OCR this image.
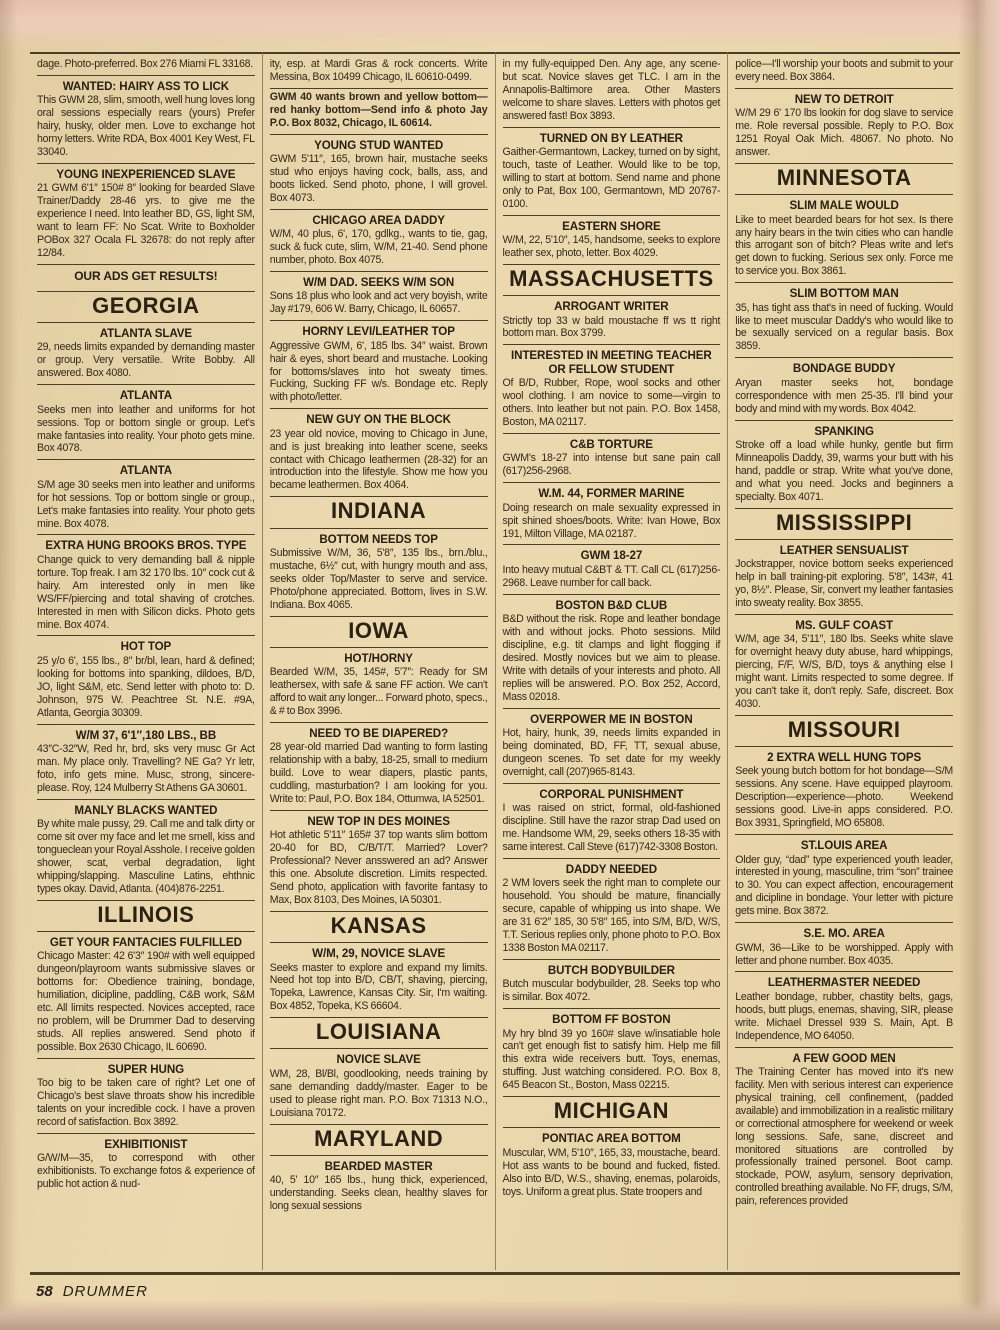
dage. Photo-preferred. Box 276 Miami FL 33168.

WANTED: HAIRY ASS TO LICK

This GWM 28, slim, smooth, well hung loves long oral sessions especially rears (yours) Prefer hairy, husky, older men. Love to exchange hot horny letters. Write RDA, Box 4001 Key West, FL 33040.

YOUNG INEXPERIENCED SLAVE

21 GWM 6'1″ 150# 8″ looking for bearded Slave Trainer/Daddy 28-46 yrs. to give me the experience I need. Into leather BD, GS, light SM, want to learn FF: No Scat. Write to Boxholder POBox 327 Ocala FL 32678: do not reply after 12/84.

OUR ADS GET RESULTS!
GEORGIA
ATLANTA SLAVE

29, needs limits expanded by demanding master or group. Very versatile. Write Bobby. All answered. Box 4080.

ATLANTA

Seeks men into leather and uniforms for hot sessions. Top or bottom single or group. Let's make fantasies into reality. Your photo gets mine. Box 4078.

ATLANTA

S/M age 30 seeks men into leather and uniforms for hot sessions. Top or bottom single or group., Let's make fantasies into reality. Your photo gets mine. Box 4078.

EXTRA HUNG BROOKS BROS. TYPE

Change quick to very demanding ball & nipple torture. Top freak. I am 32 170 lbs. 10″ cock cut & hairy. Am interested only in men like WS/FF/piercing and total shaving of crotches. Interested in men with Silicon dicks. Photo gets mine. Box 4074.

HOT TOP

25 y/o 6', 155 lbs., 8″ br/bl, lean, hard & defined; looking for bottoms into spanking, dildoes, B/D, JO, light S&M, etc. Send letter with photo to: D. Johnson, 975 W. Peachtree St. N.E. #9A, Atlanta, Georgia 30309.

W/M 37, 6'1″,180 LBS., BB

43″C-32″W, Red hr, brd, sks very musc Gr Act man. My place only. Travelling? NE Ga? Yr letr, foto, info gets mine. Musc, strong, sincere-please. Roy, 124 Mulberry St Athens GA 30601.

MANLY BLACKS WANTED

By white male pussy, 29. Call me and talk dirty or come sit over my face and let me smell, kiss and tongueclean your Royal Asshole. I receive golden shower, scat, verbal degradation, light whipping/slapping. Masculine Latins, ehthnic types okay. David, Atlanta. (404)876-2251.

ILLINOIS
GET YOUR FANTACIES FULFILLED

Chicago Master: 42 6'3″ 190# with well equipped dungeon/playroom wants submissive slaves or bottoms for: Obedience training, bondage, humiliation, dicipline, paddling, C&B work, S&M etc. All limits respected. Novices accepted, race no problem, will be Drummer Dad to deserving studs. All replies answered. Send photo if possible. Box 2630 Chicago, IL 60690.

SUPER HUNG

Too big to be taken care of right? Let one of Chicago's best slave throats show his incredible talents on your incredible cock. I have a proven record of satisfaction. Box 3892.

EXHIBITIONIST

G/W/M—35, to correspond with other exhibitionists. To exchange fotos & experience of public hot action & nud-

ity, esp. at Mardi Gras & rock concerts. Write Messina, Box 10499 Chicago, IL 60610-0499.

GWM 40 wants brown and yellow bottom—red hanky bottom—Send info & photo Jay P.O. Box 8032, Chicago, IL 60614.

YOUNG STUD WANTED

GWM 5'11″, 165, brown hair, mustache seeks stud who enjoys having cock, balls, ass, and boots licked. Send photo, phone, I will grovel. Box 4073.

CHICAGO AREA DADDY

W/M, 40 plus, 6', 170, gdlkg., wants to tie, gag, suck & fuck cute, slim, W/M, 21-40. Send phone number, photo. Box 4075.

W/M DAD. SEEKS W/M SON

Sons 18 plus who look and act very boyish, write Jay #179, 606 W. Barry, Chicago, IL 60657.

HORNY LEVI/LEATHER TOP

Aggressive GWM, 6', 185 lbs. 34″ waist. Brown hair & eyes, short beard and mustache. Looking for bottoms/slaves into hot sweaty times. Fucking, Sucking FF w/s. Bondage etc. Reply with photo/letter.

NEW GUY ON THE BLOCK

23 year old novice, moving to Chicago in June, and is just breaking into leather scene, seeks contact with Chicago leathermen (28-32) for an introduction into the lifestyle. Show me how you became leathermen. Box 4064.

INDIANA
BOTTOM NEEDS TOP

Submissive W/M, 36, 5'8″, 135 lbs., brn./blu., mustache, 6½″ cut, with hungry mouth and ass, seeks older Top/Master to serve and service. Photo/phone appreciated. Bottom, lives in S.W. Indiana. Box 4065.

IOWA
HOT/HORNY

Bearded W/M, 35, 145#, 5'7″: Ready for SM leathersex, with safe & sane FF action. We can't afford to wait any longer... Forward photo, specs., & # to Box 3996.

NEED TO BE DIAPERED?

28 year-old married Dad wanting to form lasting relationship with a baby, 18-25, small to medium build. Love to wear diapers, plastic pants, cuddling, masturbation? I am looking for you. Write to: Paul, P.O. Box 184, Ottumwa, IA 52501.

NEW TOP IN DES MOINES

Hot athletic 5'11″ 165# 37 top wants slim bottom 20-40 for BD, C/B/T/T. Married? Lover? Professional? Never ansswered an ad? Answer this one. Absolute discretion. Limits respected. Send photo, application with favorite fantasy to Max, Box 8103, Des Moines, IA 50301.

KANSAS
W/M, 29, NOVICE SLAVE

Seeks master to explore and expand my limits. Need hot top into B/D, CB/T, shaving, piercing, Topeka, Lawrence, Kansas City. Sir, I'm waiting. Box 4852, Topeka, KS 66604.

LOUISIANA
NOVICE SLAVE

WM, 28, Bl/Bl, goodlooking, needs training by sane demanding daddy/master. Eager to be used to please right man. P.O. Box 71313 N.O., Louisiana 70172.

MARYLAND
BEARDED MASTER

40, 5' 10″ 165 lbs., hung thick, experienced, understanding. Seeks clean, healthy slaves for long sexual sessions

in my fully-equipped Den. Any age, any scene-but scat. Novice slaves get TLC. I am in the Annapolis-Baltimore area. Other Masters welcome to share slaves. Letters with photos get answered fast! Box 3893.

TURNED ON BY LEATHER

Gaither-Germantown, Lackey, turned on by sight, touch, taste of Leather. Would like to be top, willing to start at bottom. Send name and phone only to Pat, Box 100, Germantown, MD 20767-0100.

EASTERN SHORE

W/M, 22, 5'10″, 145, handsome, seeks to explore leather sex, photo, letter. Box 4029.

MASSACHUSETTS
ARROGANT WRITER

Strictly top 33 w bald moustache ff ws tt right bottom man. Box 3799.

INTERESTED IN MEETING TEACHER OR FELLOW STUDENT

Of B/D, Rubber, Rope, wool socks and other wool clothing. I am novice to some—virgin to others. Into leather but not pain. P.O. Box 1458, Boston, MA 02117.

C&B TORTURE

GWM's 18-27 into intense but sane pain call (617)256-2968.

W.M. 44, FORMER MARINE

Doing research on male sexuality expressed in spit shined shoes/boots. Write: Ivan Howe, Box 191, Milton Village, MA 02187.

GWM 18-27

Into heavy mutual C&BT & TT. Call CL (617)256-2968. Leave number for call back.

BOSTON B&D CLUB

B&D without the risk. Rope and leather bondage with and without jocks. Photo sessions. Mild discipline, e.g. tit clamps and light flogging if desired. Mostly novices but we aim to please. Write with details of your interests and photo. All replies will be answered. P.O. Box 252, Accord, Mass 02018.

OVERPOWER ME IN BOSTON

Hot, hairy, hunk, 39, needs limits expanded in being dominated, BD, FF, TT, sexual abuse, dungeon scenes. To set date for my weekly overnight, call (207)965-8143.

CORPORAL PUNISHMENT

I was raised on strict, formal, old-fashioned discipline. Still have the razor strap Dad used on me. Handsome WM, 29, seeks others 18-35 with same interest. Call Steve (617)742-3308 Boston.

DADDY NEEDED

2 WM lovers seek the right man to complete our household. You should be mature, financially secure, capable of whipping us into shape. We are 31 6'2″ 185, 30 5'8″ 165, into S/M, B/D, W/S, T.T. Serious replies only, phone photo to P.O. Box 1338 Boston MA 02117.

BUTCH BODYBUILDER

Butch muscular bodybuilder, 28. Seeks top who is similar. Box 4072.

BOTTOM FF BOSTON

My hry blnd 39 yo 160# slave w/insatiable hole can't get enough fist to satisfy him. Help me fill this extra wide receivers butt. Toys, enemas, stuffing. Just watching considered. P.O. Box 8, 645 Beacon St., Boston, Mass 02215.

MICHIGAN
PONTIAC AREA BOTTOM

Muscular, WM, 5'10″, 165, 33, moustache, beard. Hot ass wants to be bound and fucked, fisted. Also into B/D, W.S., shaving, enemas, polaroids, toys. Uniform a great plus. State troopers and

police—I'll worship your boots and submit to your every need. Box 3864.

NEW TO DETROIT

W/M 29 6' 170 lbs lookin for dog slave to service me. Role reversal possible. Reply to P.O. Box 1251 Royal Oak Mich. 48067. No photo. No answer.

MINNESOTA
SLIM MALE WOULD

Like to meet bearded bears for hot sex. Is there any hairy bears in the twin cities who can handle this arrogant son of bitch? Pleas write and let's get down to fucking. Serious sex only. Force me to service you. Box 3861.

SLIM BOTTOM MAN

35, has tight ass that's in need of fucking. Would like to meet muscular Daddy's who would like to be sexually serviced on a regular basis. Box 3859.

BONDAGE BUDDY

Aryan master seeks hot, bondage correspondence with men 25-35. I'll bind your body and mind with my words. Box 4042.

SPANKING

Stroke off a load while hunky, gentle but firm Minneapolis Daddy, 39, warms your butt with his hand, paddle or strap. Write what you've done, and what you need. Jocks and beginners a specialty. Box 4071.

MISSISSIPPI
LEATHER SENSUALIST

Jockstrapper, novice bottom seeks experienced help in ball training-pit exploring. 5'8″, 143#, 41 yo, 8½″. Please, Sir, convert my leather fantasies into sweaty reality. Box 3855.

MS. GULF COAST

W/M, age 34, 5'11″, 180 lbs. Seeks white slave for overnight heavy duty abuse, hard whippings, piercing, F/F, W/S, B/D, toys & anything else I might want. Limits respected to some degree. If you can't take it, don't reply. Safe, discreet. Box 4030.

MISSOURI
2 EXTRA WELL HUNG TOPS

Seek young butch bottom for hot bondage—S/M sessions. Any scene. Have equipped playroom. Description—experience—photo. Weekend sessions good. Live-in apps considered. P.O. Box 3931, Springfield, MO 65808.

ST.LOUIS AREA

Older guy, “dad” type experienced youth leader, interested in young, masculine, trim “son” trainee to 30. You can expect affection, encouragement and dicipline in bondage. Your letter with picture gets mine. Box 3872.

S.E. MO. AREA

GWM, 36—Like to be worshipped. Apply with letter and phone number. Box 4035.

LEATHERMASTER NEEDED

Leather bondage, rubber, chastity belts, gags, hoods, butt plugs, enemas, shaving, SIR, please write. Michael Dressel 939 S. Main, Apt. B Independence, MO 64050.

A FEW GOOD MEN

The Training Center has moved into it's new facility. Men with serious interest can experience physical training, cell confinement, (padded available) and immobilization in a realistic military or correctional atmosphere for weekend or week long sessions. Safe, sane, discreet and monitored situations are controlled by professionally trained personel. Boot camp. stockade, POW, asylum, sensory deprivation, controlled breathing available. No FF, drugs, S/M, pain, references provided

58 DRUMMER
